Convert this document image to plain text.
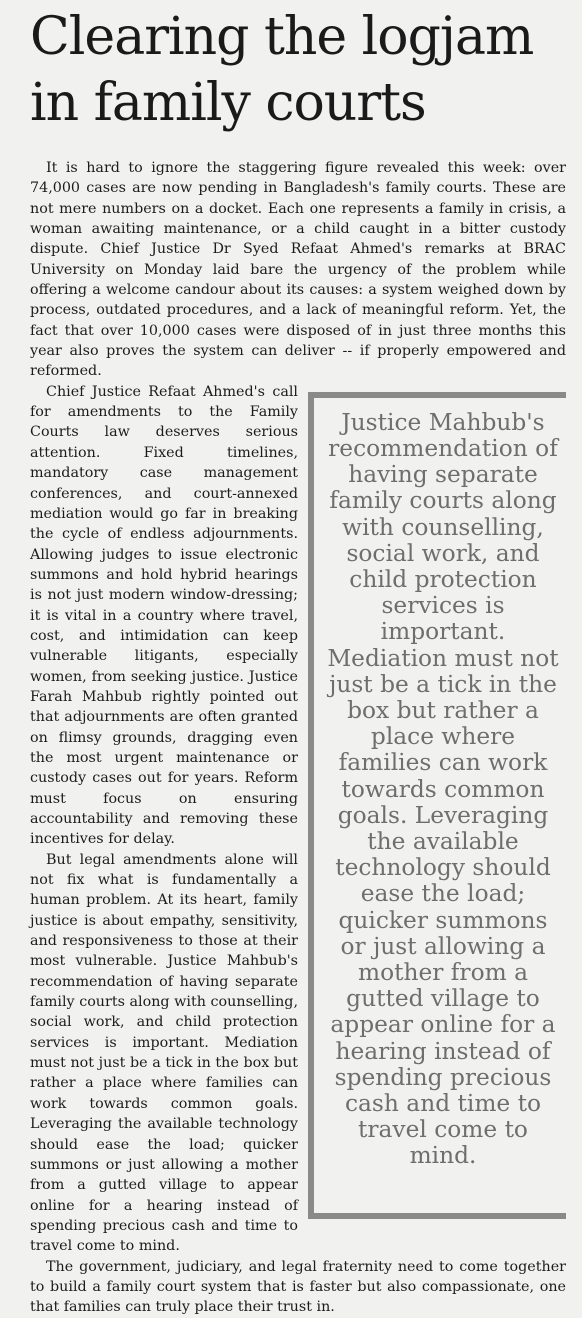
Clearing the logjam in family courts

It is hard to ignore the staggering figure revealed this week: over 74,000 cases are now pending in Bangladesh's family courts. These are not mere numbers on a docket. Each one represents a family in crisis, a woman awaiting maintenance, or a child caught in a bitter custody dispute. Chief Justice Dr Syed Refaat Ahmed's remarks at BRAC University on Monday laid bare the urgency of the problem while offering a welcome candour about its causes: a system weighed down by process, outdated procedures, and a lack of meaningful reform. Yet, the fact that over 10,000 cases were disposed of in just three months this year also proves the system can deliver -- if properly empowered and reformed.

Justice Mahbub's recommendation of having separate family courts along with counselling, social work, and child protection services is important. Mediation must not just be a tick in the box but rather a place where families can work towards common goals. Leveraging the available technology should ease the load; quicker summons or just allowing a mother from a gutted village to appear online for a hearing instead of spending precious cash and time to travel come to mind.
Chief Justice Refaat Ahmed's call for amendments to the Family Courts law deserves serious attention. Fixed timelines, mandatory case management conferences, and court-annexed mediation would go far in breaking the cycle of endless adjournments. Allowing judges to issue electronic summons and hold hybrid hearings is not just modern window-dressing; it is vital in a country where travel, cost, and intimidation can keep vulnerable litigants, especially women, from seeking justice. Justice Farah Mahbub rightly pointed out that adjournments are often granted on flimsy grounds, dragging even the most urgent maintenance or custody cases out for years. Reform must focus on ensuring accountability and removing these incentives for delay.

But legal amendments alone will not fix what is fundamentally a human problem. At its heart, family justice is about empathy, sensitivity, and responsiveness to those at their most vulnerable. Justice Mahbub's recommendation of having separate family courts along with counselling, social work, and child protection services is important. Mediation must not just be a tick in the box but rather a place where families can work towards common goals. Leveraging the available technology should ease the load; quicker summons or just allowing a mother from a gutted village to appear online for a hearing instead of spending precious cash and time to travel come to mind.

The government, judiciary, and legal fraternity need to come together to build a family court system that is faster but also compassionate, one that families can truly place their trust in.
